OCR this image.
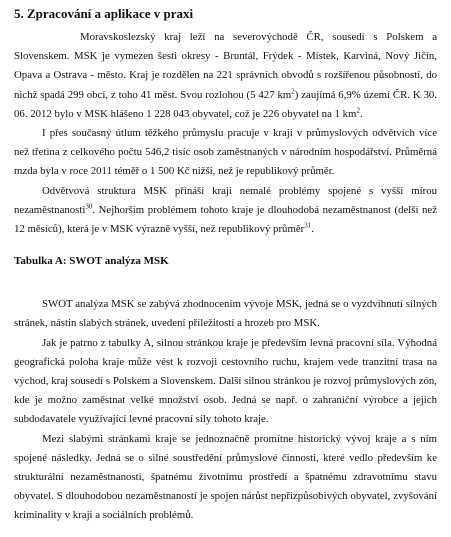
5. Zpracování a aplikace v praxi

Moravskoslezský kraj leží na severovýchodě ČR, sousedí s Polskem a Slovenskem. MSK je vymezen šesti okresy - Bruntál, Frýdek - Místek, Karviná, Nový Jičín, Opava a Ostrava - město. Kraj je rozdělen na 221 správních obvodů s rozšířenou působností, do nichž spadá 299 obcí, z toho 41 měst. Svou rozlohou (5 427 $km^2$) zaujímá 6,9% území ČR. K 30. 06. 2012 bylo v MSK hlášeno 1 228 043 obyvatel, což je 226 obyvatel na 1 $km^2$.

I přes současný útlum těžkého průmyslu pracuje v kraji v průmyslových odvětvích více než třetina z celkového počtu 546,2 tisíc osob zaměstnaných v národním hospodářství. Průměrná mzda byla v roce 2011 téměř o 1 500 Kč nižší, než je republikový průměr.

Odvětvová struktura MSK přináší kraji nemalé problémy spojené s vyšší mírou nezaměstnanosti$^{30}$. Nejhorším problémem tohoto kraje je dlouhodobá nezaměstnanost (delší než 12 měsíců), která je v MSK výrazně vyšší, než republikový průměr$^{31}$.

Tabulka A: SWOT analýza MSK

SWOT analýza MSK se zabývá zhodnocením vývoje MSK, jedná se o vyzdvihnutí silných stránek, nástin slabých stránek, uvedení příležitostí a hrozeb pro MSK.

Jak je patrno z tabulky A, silnou stránkou kraje je především levná pracovní síla. Výhodná geografická poloha kraje může vést k rozvoji cestovního ruchu, krajem vede tranzitní trasa na východ, kraj sousedí s Polskem a Slovenskem. Další silnou stránkou je rozvoj průmyslových zón, kde je možno zaměstnat velké množství osob. Jedná se např. o zahraniční výrobce a jejich subdodavatele využívající levné pracovní síly tohoto kraje.

Mezi slabými stránkami kraje se jednoznačně promítne historický vývoj kraje a s ním spojené následky. Jedná se o silné soustředění průmyslové činnosti, které vedlo především ke strukturální nezaměstnanosti, špatnému životnímu prostředí a špatnému zdravotnímu stavu obyvatel. S dlouhodobou nezaměstnaností je spojen nárůst nepřizpůsobivých obyvatel, zvyšování kriminality v kraji a sociálních problémů.
